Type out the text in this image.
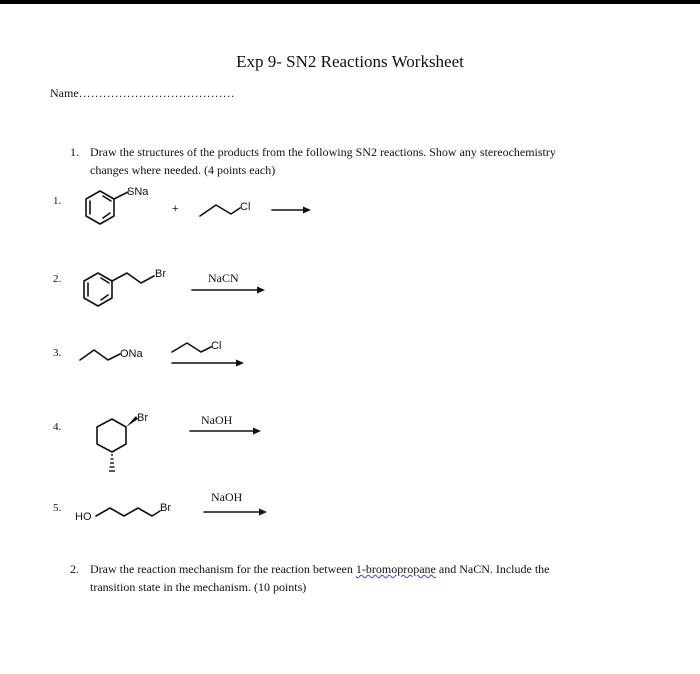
Exp 9- SN2 Reactions Worksheet
Name…………………………………
1. Draw the structures of the products from the following SN2 reactions. Show any stereochemistry
changes where needed. (4 points each)
1.
2.
3.
4.
5.
SNa
+	Cl
Br	NaCN
ONa
Cl
Br	NaOH
HO
Br
NaOH
2. Draw the reaction mechanism for the reaction between 1-bromopropane and NaCN. Include the
transition state in the mechanism. (10 points)
